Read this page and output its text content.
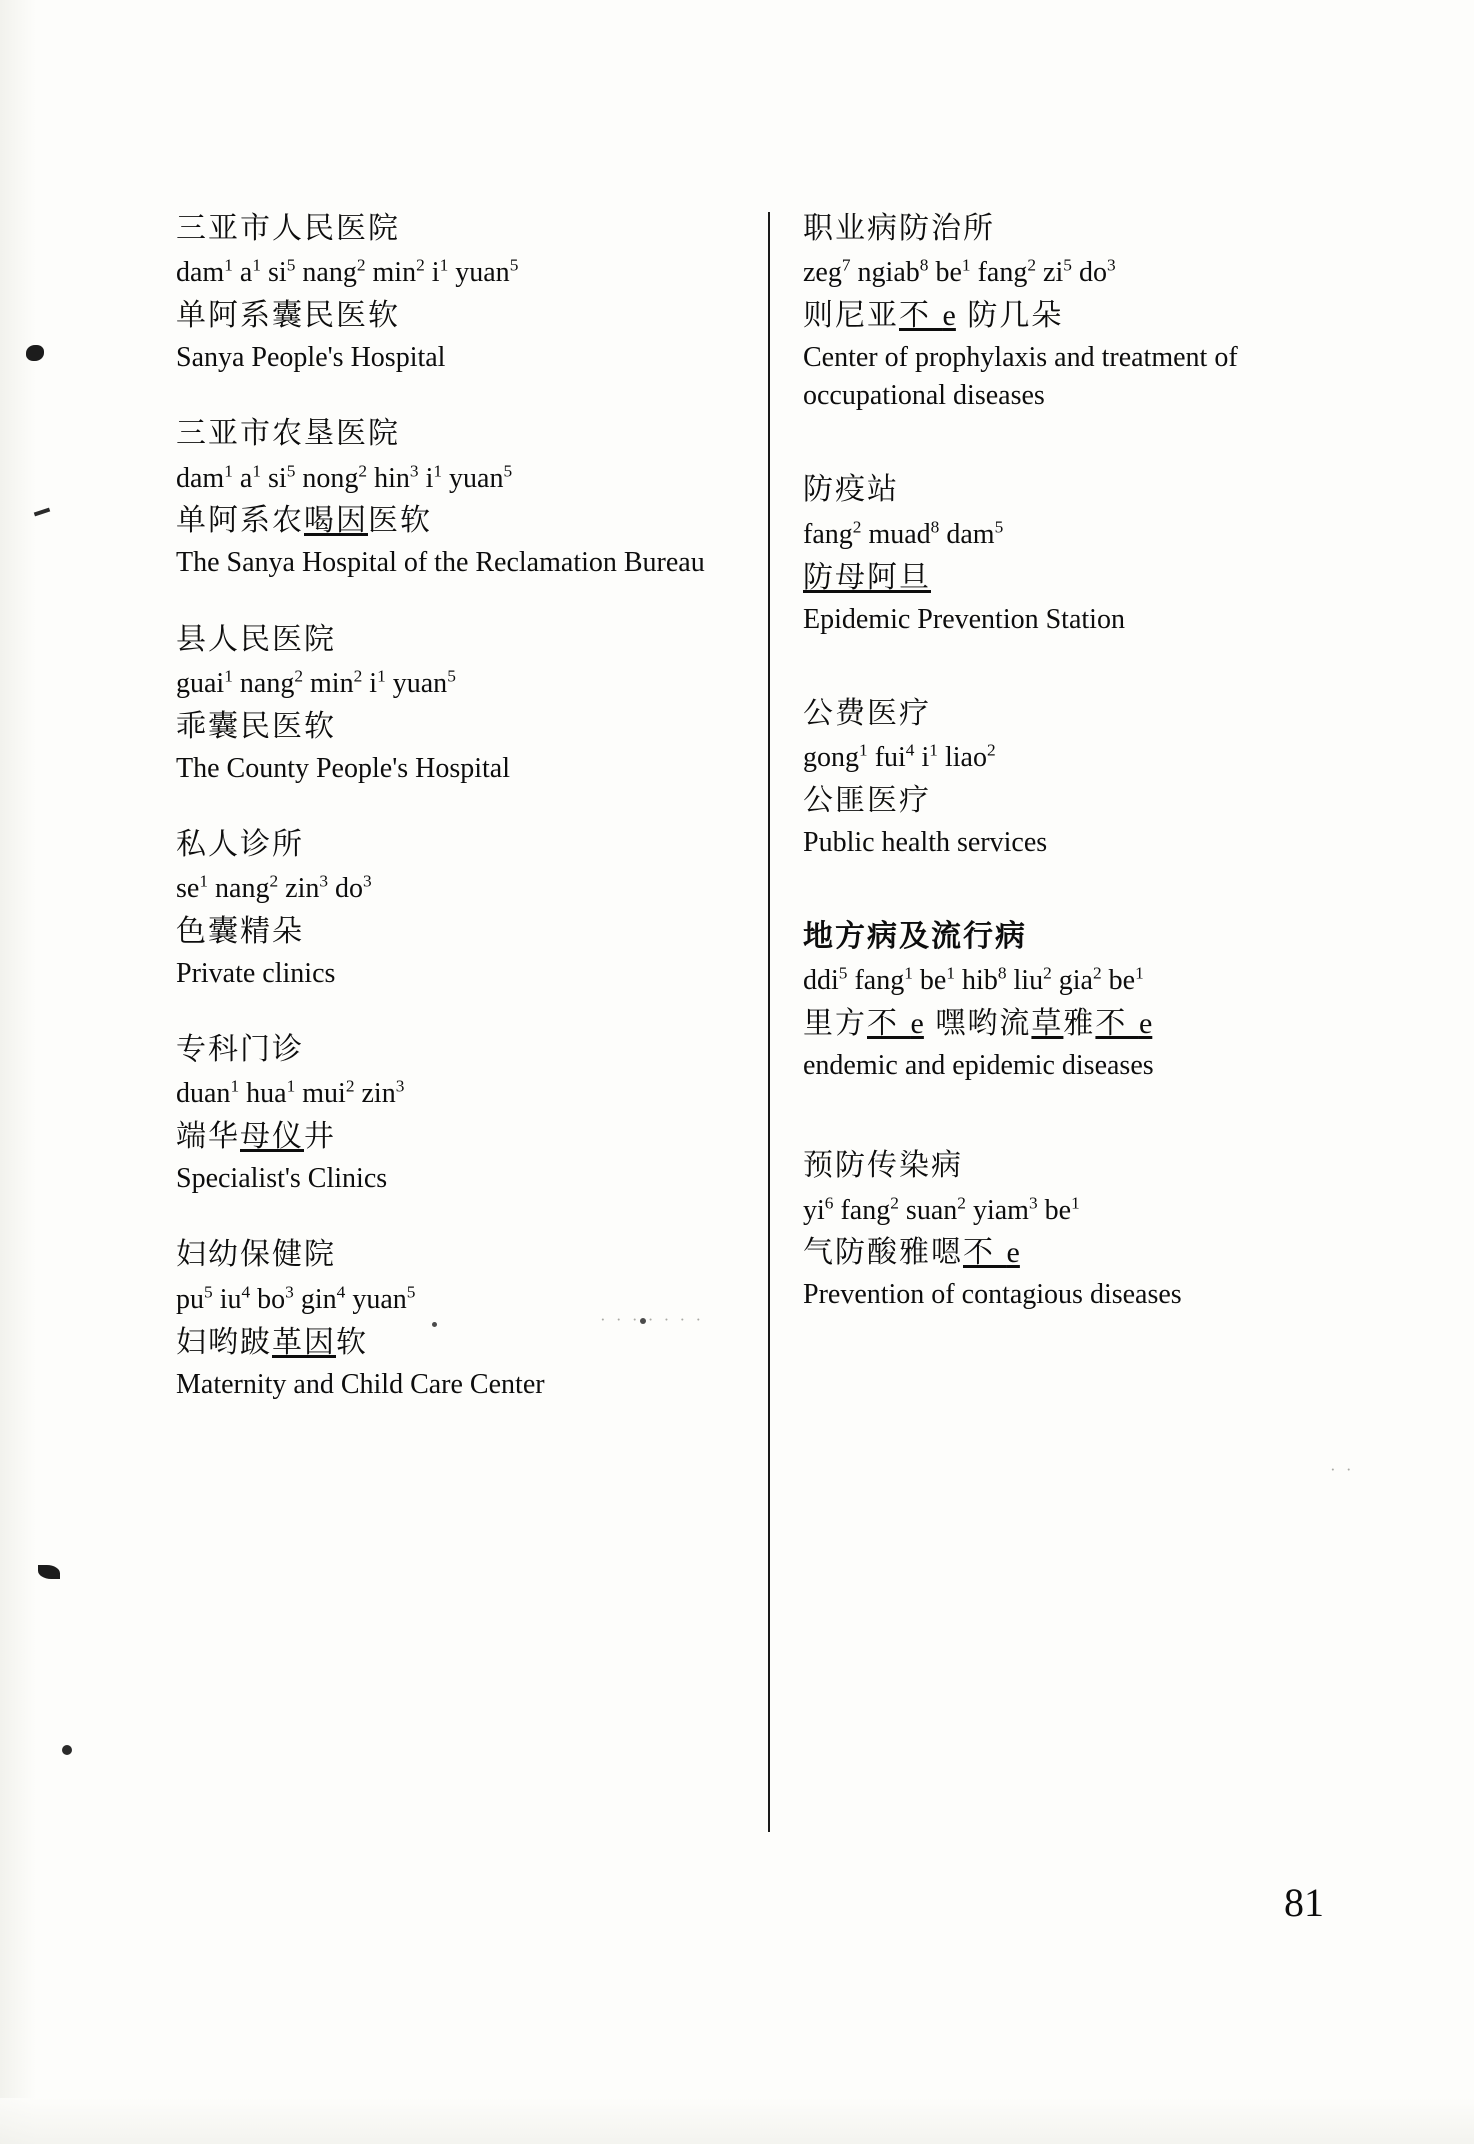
· · · · · · ·
· ·
三亚市人民医院
dam$^1$ $a^1$ $si^5$ nang$^2$ $\min^2 i^1$ yuan$^5$
单阿系囊民医软
Sanya People's Hospital
三亚市农垦医院
dam$^1$ $a^1$ $si^5$ nong$^2$ hin$^3$ $i^1$ yuan$^5$
单阿系农喝因医软
The Sanya Hospital of the Reclamation Bureau
县人民医院
guai$^1$ nang$^2$ $\min^2 i^1$ yuan$^5$
乖囊民医软
The County People's Hospital
私人诊所
$se^1$ nang$^2$ zin$^3$ $do^3$
色囊精朵
Private clinics
专科门诊
duan$^1$ hua$^1$ mui$^2$ zin$^3$
端华母仪井
Specialist's Clinics
妇幼保健院
$pu^5$ $iu^4$ $bo^3$ gin$^4$ yuan$^5$
妇哟跛革因软
Maternity and Child Care Center
职业病防治所
zeg$^7$ ngiab$^8$ $be^1$ fang$^2$ $zi^5$ $do^3$
则尼亚不 e 防几朵
Center of prophylaxis and treatment of occupational diseases
防疫站
fang$^2$ muad$^8$ dam$^5$
防母阿旦
Epidemic Prevention Station
公费医疗
gong$^1$ fui$^4$ $i^1$ liao$^2$
公匪医疗
Public health services
地方病及流行病
ddi$^5$ fang$^1$ $be^1$ hib$^8$ liu$^2$ gia$^2$ $be^1$
里方不 e 嘿哟流草雅不 e
endemic and epidemic diseases
预防传染病
$yi^6$ fang$^2$ suan$^2$ yiam$^3$ $be^1$
气防酸雅嗯不 e
Prevention of contagious diseases
81
